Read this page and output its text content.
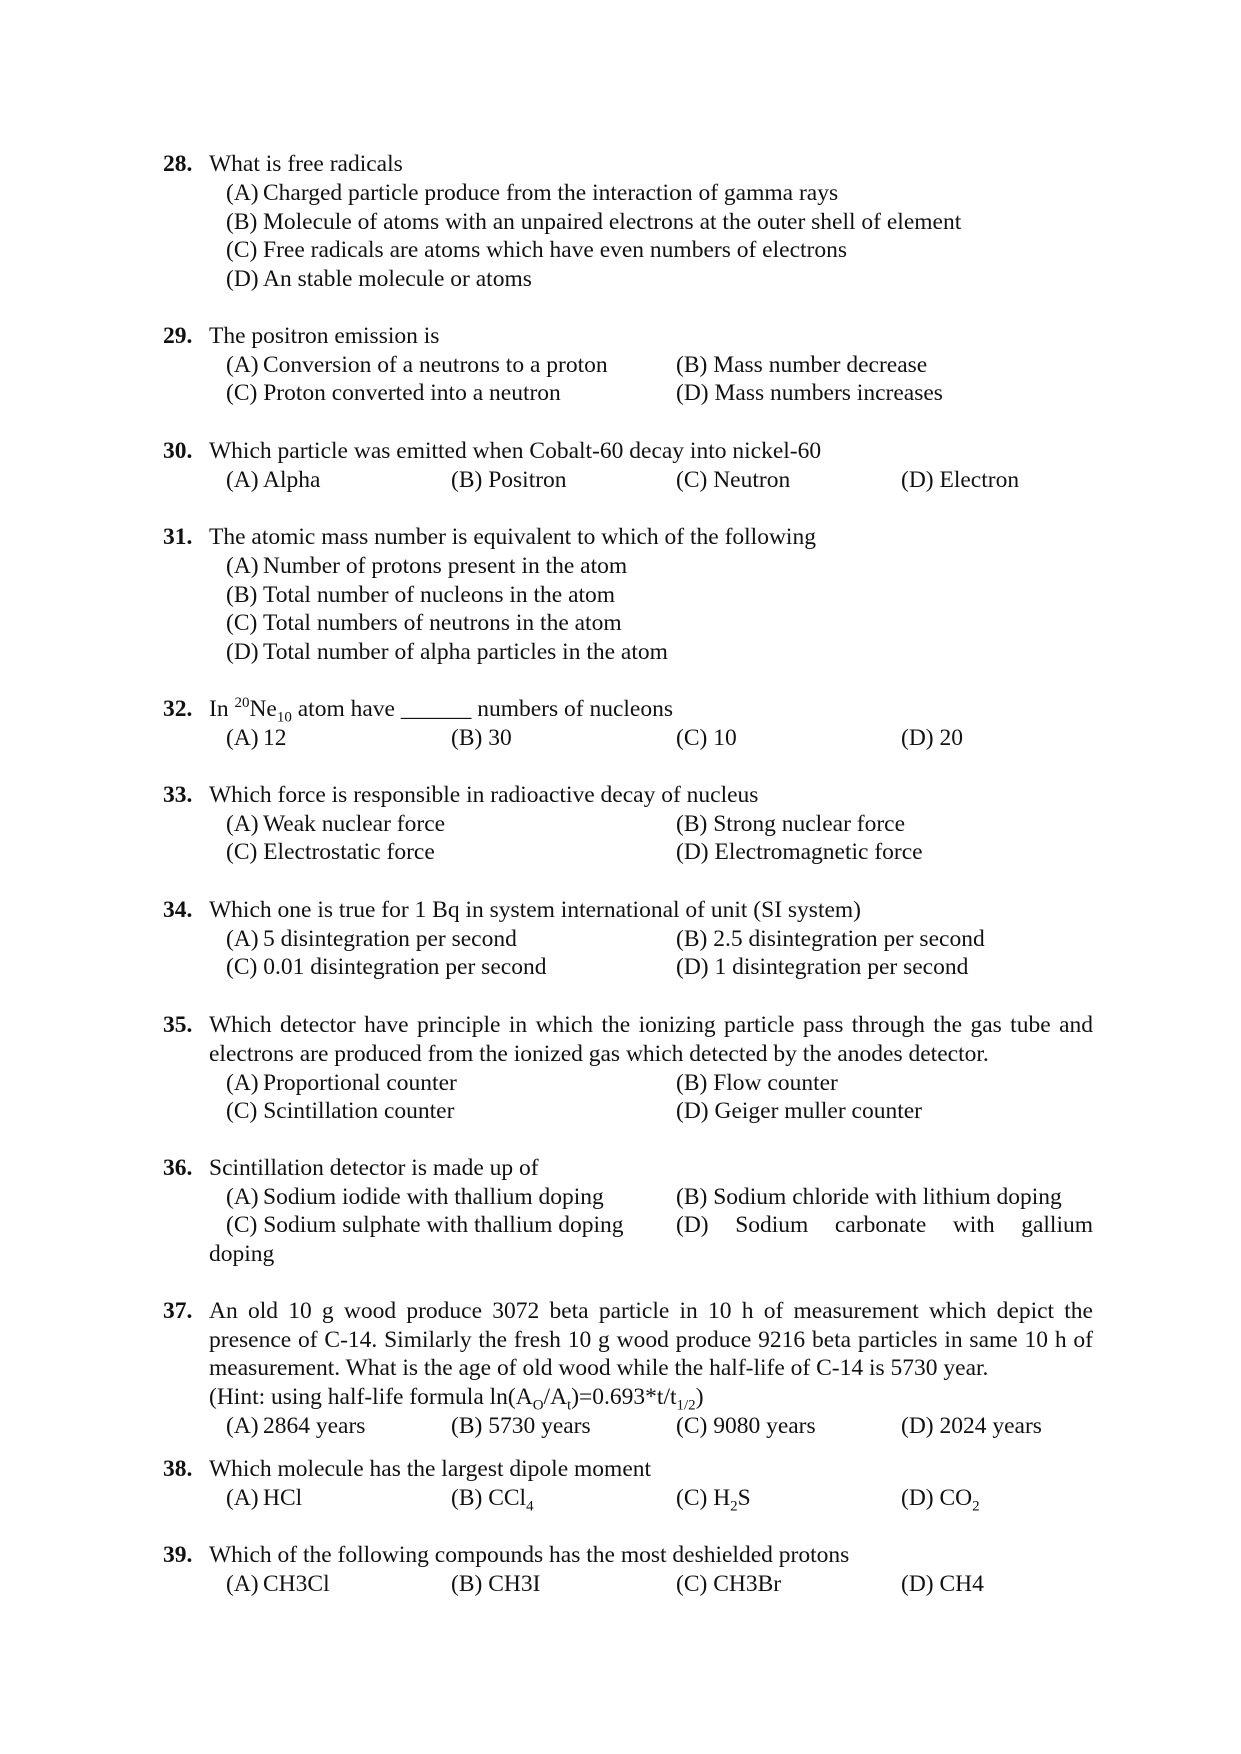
28. What is free radicals
(A) Charged particle produce from the interaction of gamma rays
(B) Molecule of atoms with an unpaired electrons at the outer shell of element
(C) Free radicals are atoms which have even numbers of electrons
(D) An stable molecule or atoms
29. The positron emission is
(A) Conversion of a neutrons to a proton	(B) Mass number decrease
(C) Proton converted into a neutron	(D) Mass numbers increases
30. Which particle was emitted when Cobalt-60 decay into nickel-60
(A) Alpha	(B) Positron	(C) Neutron	(D) Electron
31. The atomic mass number is equivalent to which of the following
(A) Number of protons present in the atom
(B) Total number of nucleons in the atom
(C) Total numbers of neutrons in the atom
(D) Total number of alpha particles in the atom
32. In $^{20}Ne_{10}$ atom have ______ numbers of nucleons
(A) 12	(B) 30	(C) 10	(D) 20
33. Which force is responsible in radioactive decay of nucleus
(A) Weak nuclear force	(B) Strong nuclear force
(C) Electrostatic force	(D) Electromagnetic force
34. Which one is true for 1 Bq in system international of unit (SI system)
(A) 5 disintegration per second	(B) 2.5 disintegration per second
(C) 0.01 disintegration per second	(D) 1 disintegration per second
35. Which detector have principle in which the ionizing particle pass through the gas tube and electrons are produced from the ionized gas which detected by the anodes detector.
(A) Proportional counter	(B) Flow counter
(C) Scintillation counter	(D) Geiger muller counter
36. Scintillation detector is made up of
(A) Sodium iodide with thallium doping	(B) Sodium chloride with lithium doping
(C) Sodium sulphate with thallium doping (D) Sodium carbonate with gallium
doping
37. An old 10 g wood produce 3072 beta particle in 10 h of measurement which depict the presence of C-14. Similarly the fresh 10 g wood produce 9216 beta particles in same 10 h of measurement. What is the age of old wood while the half-life of C-14 is 5730 year.
(Hint: using half-life formula $\ln(A_O/A_t)=0.693*t/t_{1/2}$)
(A) 2864 years	(B) 5730 years	(C) 9080 years	(D) 2024 years
38. Which molecule has the largest dipole moment
(A) HCl	(B) CCl$_4$	(C) $H_2S$	(D) $CO_2$
39. Which of the following compounds has the most deshielded protons
(A) CH3Cl	(B) CH3I	(C) CH3Br	(D) CH4
